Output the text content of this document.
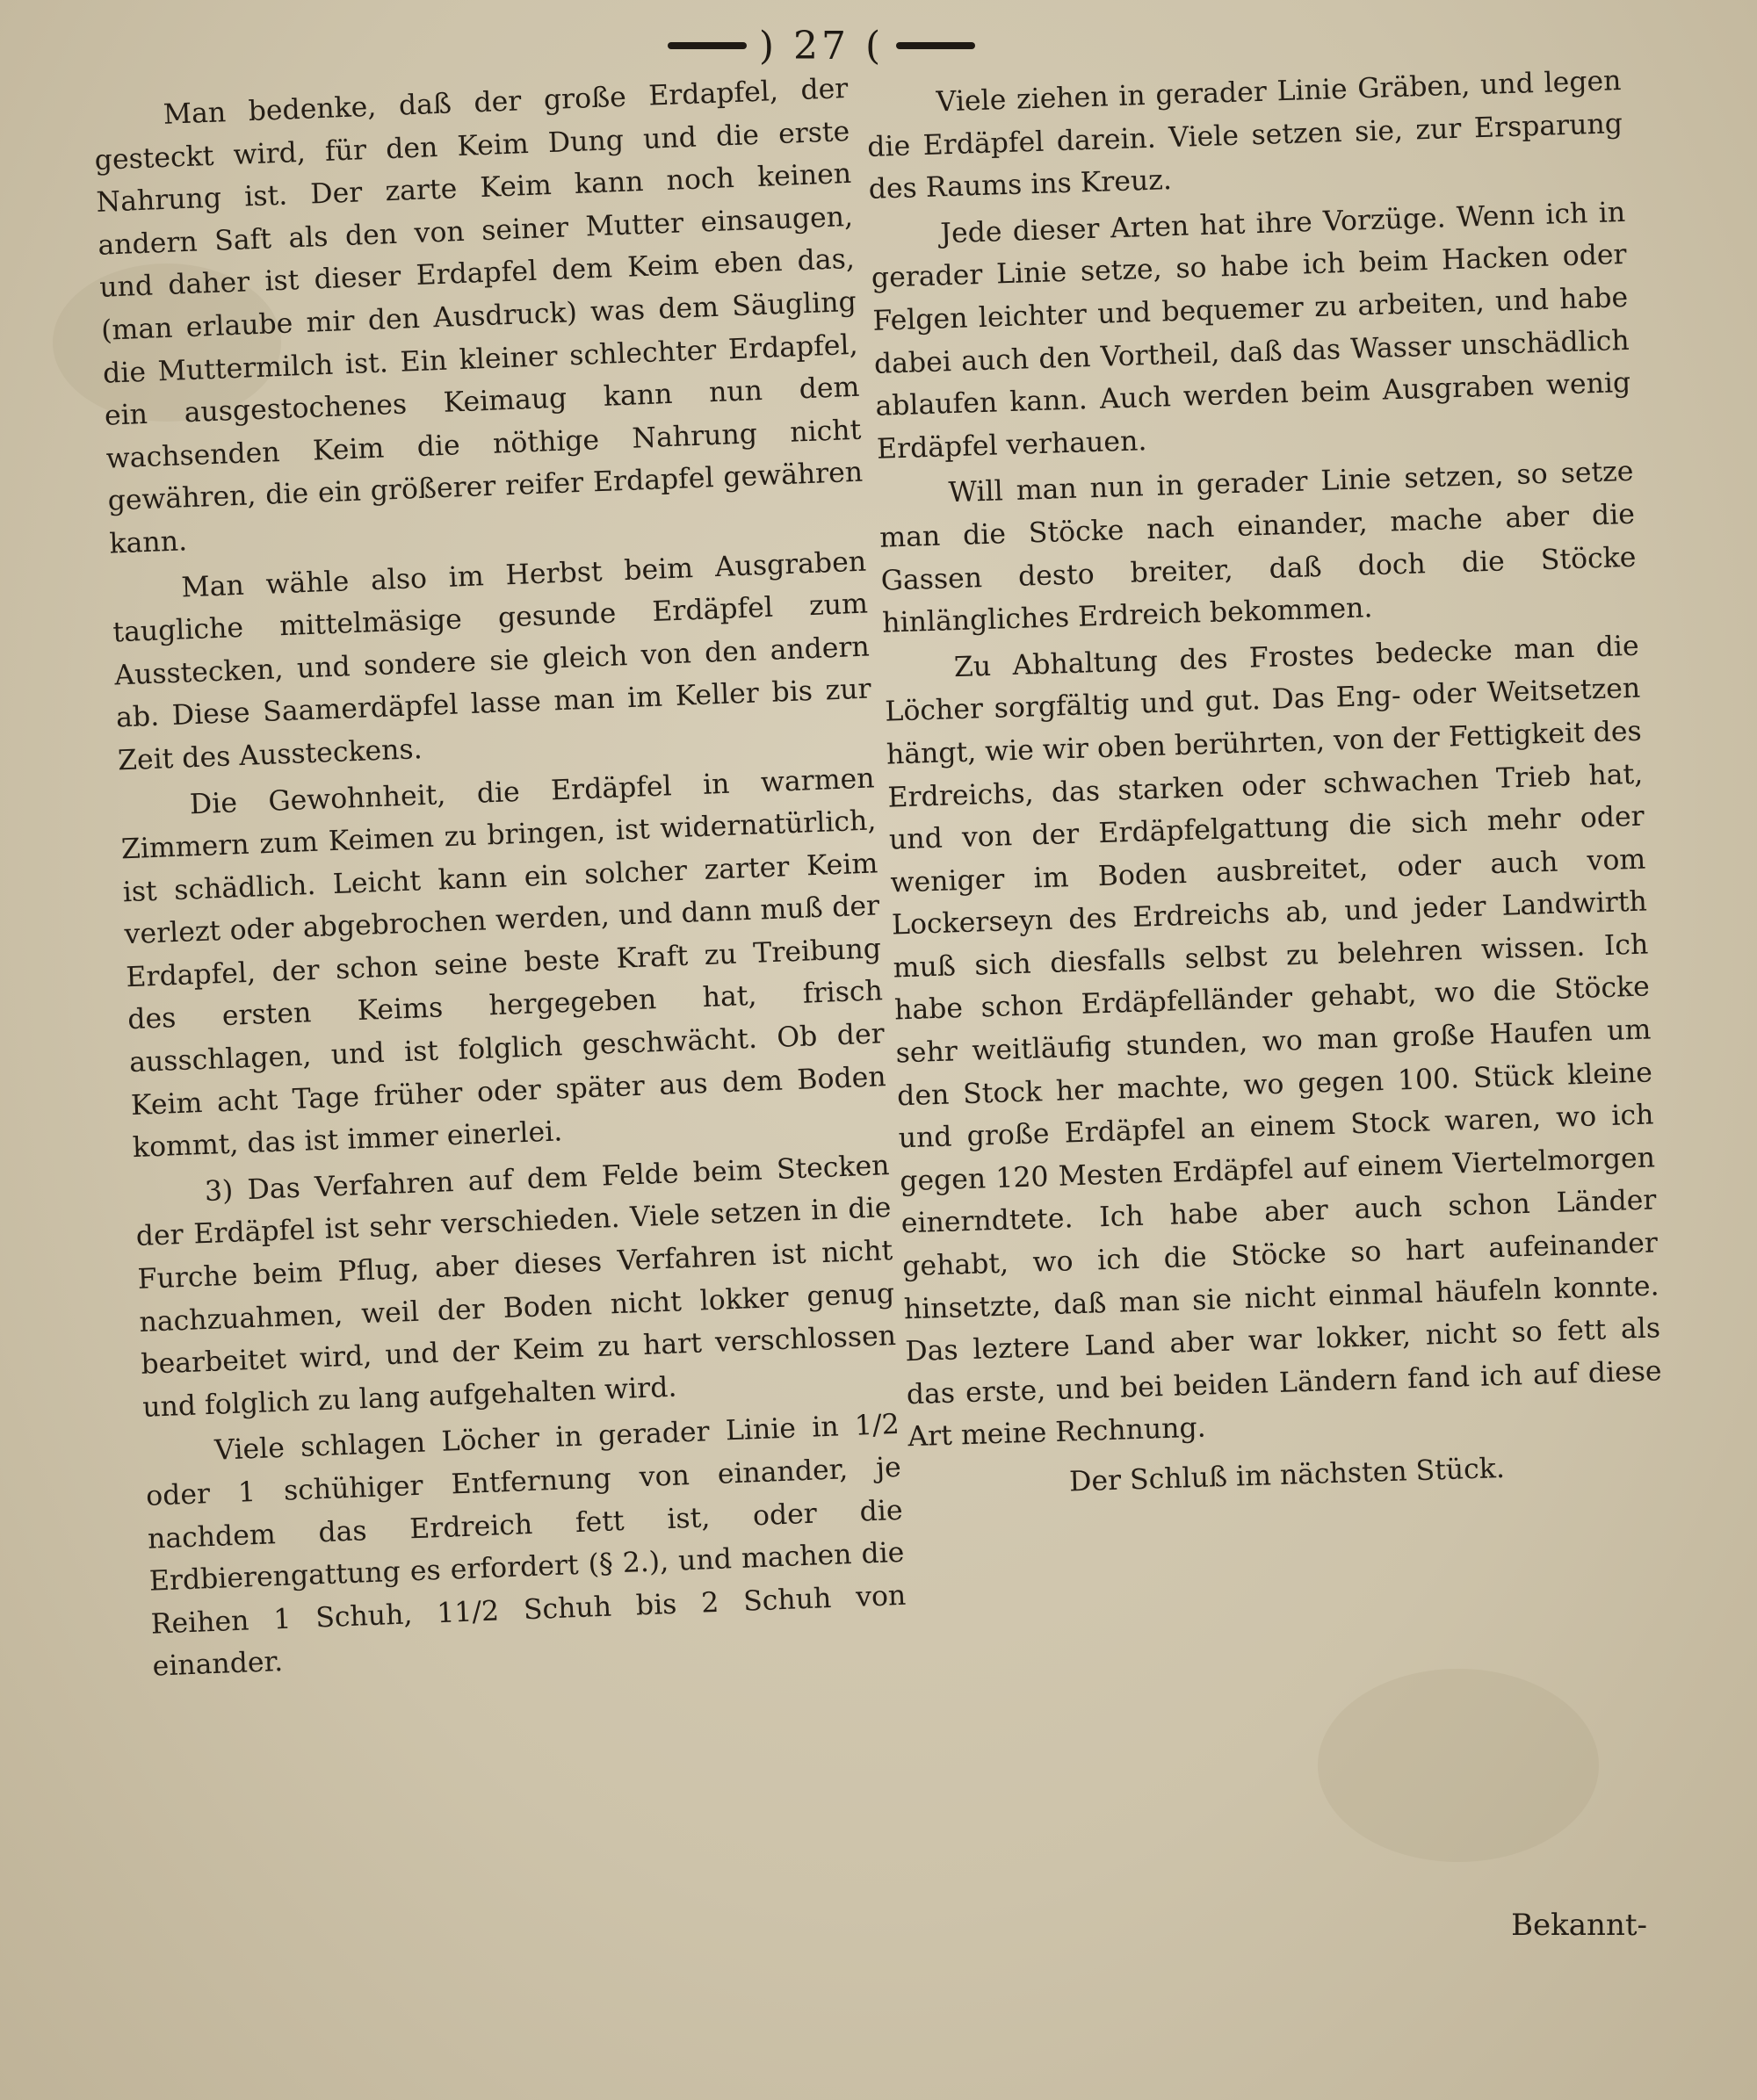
) 27 (

Man bedenke, daß der große Erdapfel, der gesteckt wird, für den Keim Dung und die erste Nahrung ist. Der zarte Keim kann noch keinen andern Saft als den von seiner Mutter einsaugen, und daher ist dieser Erdapfel dem Keim eben das, (man erlaube mir den Ausdruck) was dem Säugling die Muttermilch ist. Ein kleiner schlechter Erdapfel, ein ausgestochenes Keimaug kann nun dem wachsenden Keim die nöthige Nahrung nicht gewähren, die ein größerer reifer Erdapfel gewähren kann.

Man wähle also im Herbst beim Ausgraben taugliche mittelmäsige gesunde Erdäpfel zum Ausstecken, und sondere sie gleich von den andern ab. Diese Saamerdäpfel lasse man im Keller bis zur Zeit des Aussteckens.

Die Gewohnheit, die Erdäpfel in warmen Zimmern zum Keimen zu bringen, ist widernatürlich, ist schädlich. Leicht kann ein solcher zarter Keim verlezt oder abgebrochen werden, und dann muß der Erdapfel, der schon seine beste Kraft zu Treibung des ersten Keims hergegeben hat, frisch ausschlagen, und ist folglich geschwächt. Ob der Keim acht Tage früher oder später aus dem Boden kommt, das ist immer einerlei.

3) Das Verfahren auf dem Felde beim Stecken der Erdäpfel ist sehr verschieden. Viele setzen in die Furche beim Pflug, aber dieses Verfahren ist nicht nachzuahmen, weil der Boden nicht lokker genug bearbeitet wird, und der Keim zu hart verschlossen und folglich zu lang aufgehalten wird.

Viele schlagen Löcher in gerader Linie in 1/2 oder 1 schühiger Entfernung von einander, je nachdem das Erdreich fett ist, oder die Erdbierengattung es erfordert (§ 2.), und machen die Reihen 1 Schuh, 11/2 Schuh bis 2 Schuh von einander.

Viele ziehen in gerader Linie Gräben, und legen die Erdäpfel darein. Viele setzen sie, zur Ersparung des Raums ins Kreuz.

Jede dieser Arten hat ihre Vorzüge. Wenn ich in gerader Linie setze, so habe ich beim Hacken oder Felgen leichter und bequemer zu arbeiten, und habe dabei auch den Vortheil, daß das Wasser unschädlich ablaufen kann. Auch werden beim Ausgraben wenig Erdäpfel verhauen.

Will man nun in gerader Linie setzen, so setze man die Stöcke nach einander, mache aber die Gassen desto breiter, daß doch die Stöcke hinlängliches Erdreich bekommen.

Zu Abhaltung des Frostes bedecke man die Löcher sorgfältig und gut. Das Eng- oder Weitsetzen hängt, wie wir oben berührten, von der Fettigkeit des Erdreichs, das starken oder schwachen Trieb hat, und von der Erdäpfelgattung die sich mehr oder weniger im Boden ausbreitet, oder auch vom Lockerseyn des Erdreichs ab, und jeder Landwirth muß sich diesfalls selbst zu belehren wissen. Ich habe schon Erdäpfelländer gehabt, wo die Stöcke sehr weitläufig stunden, wo man große Haufen um den Stock her machte, wo gegen 100. Stück kleine und große Erdäpfel an einem Stock waren, wo ich gegen 120 Mesten Erdäpfel auf einem Viertelmorgen einerndtete. Ich habe aber auch schon Länder gehabt, wo ich die Stöcke so hart aufeinander hinsetzte, daß man sie nicht einmal häufeln konnte. Das leztere Land aber war lokker, nicht so fett als das erste, und bei beiden Ländern fand ich auf diese Art meine Rechnung.

Der Schluß im nächsten Stück.

Bekannt-
